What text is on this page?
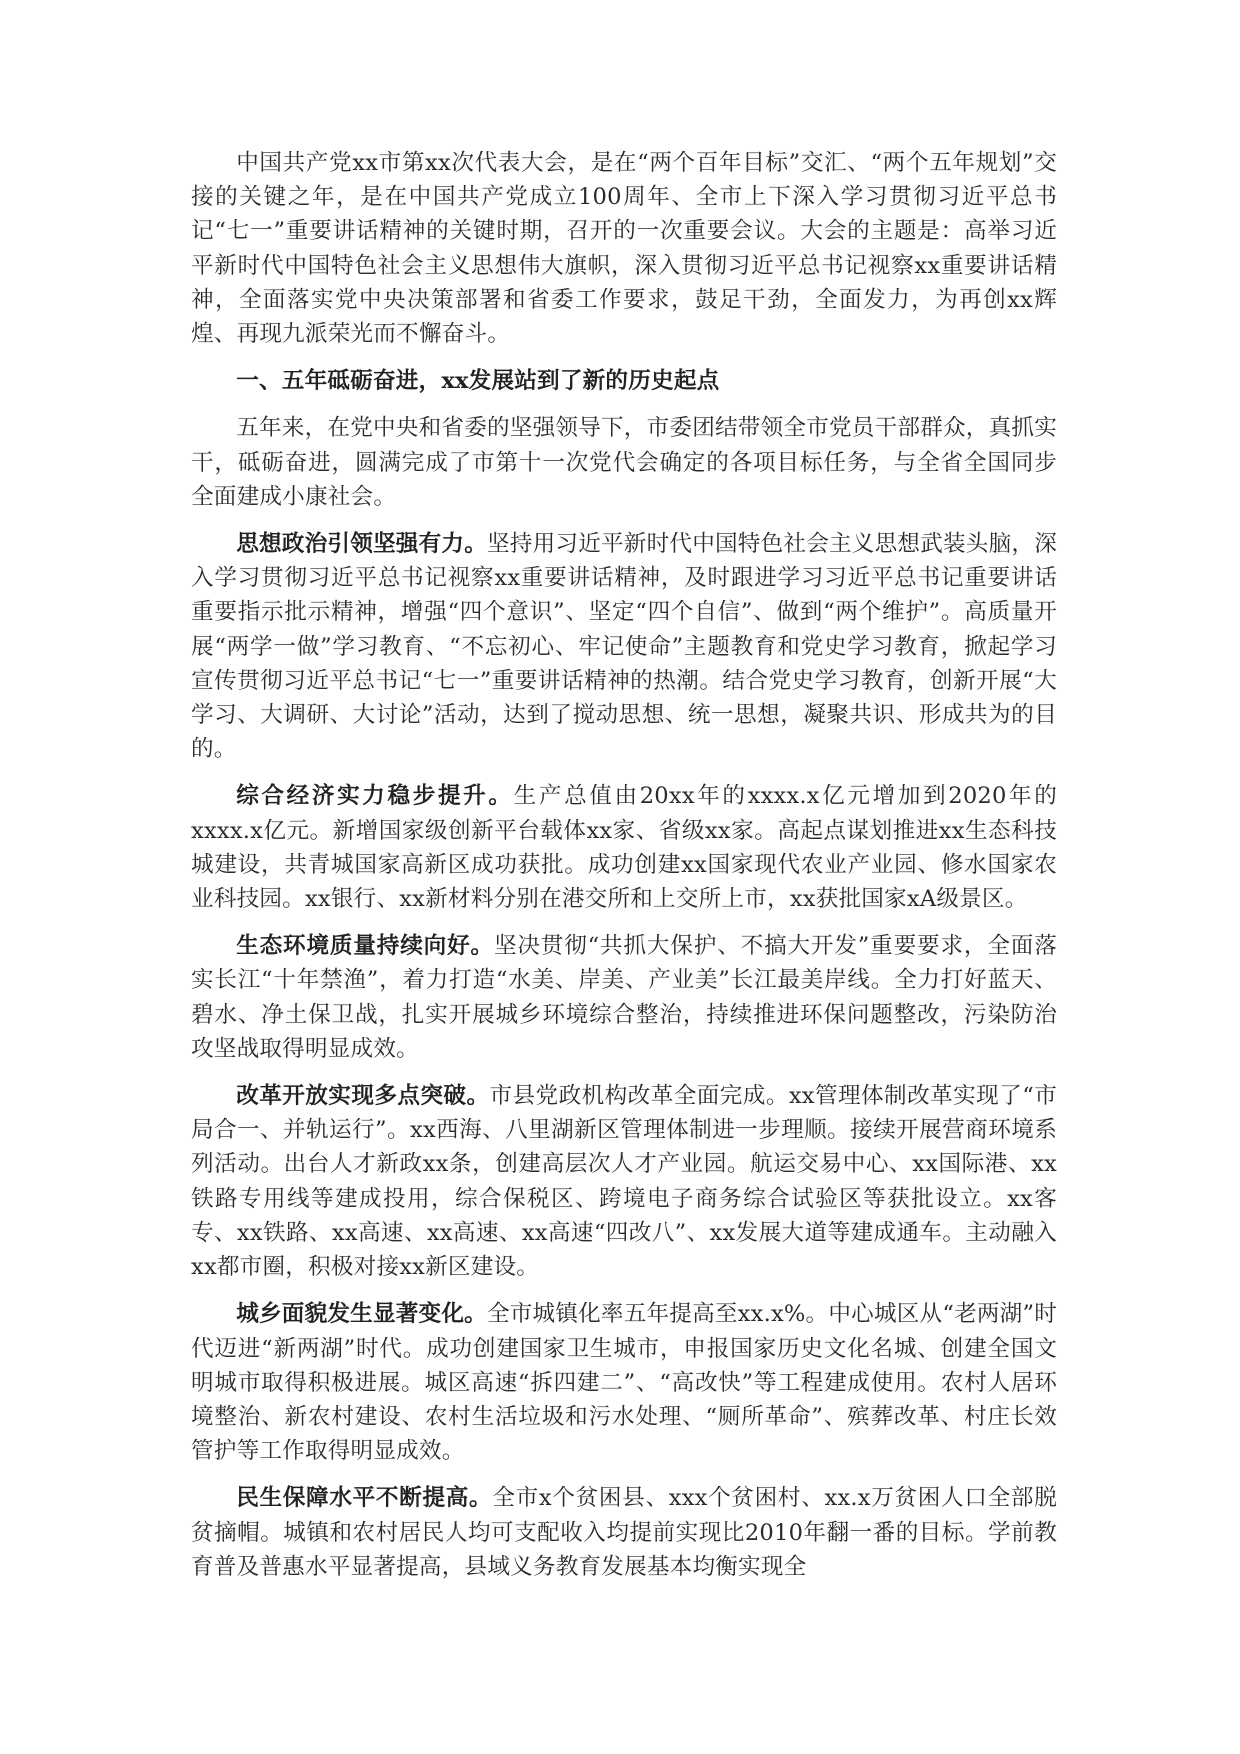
中国共产党xx市第xx次代表大会，是在“两个百年目标”交汇、“两个五年规划”交接的关键之年，是在中国共产党成立100周年、全市上下深入学习贯彻习近平总书记“七一”重要讲话精神的关键时期，召开的一次重要会议。大会的主题是：高举习近平新时代中国特色社会主义思想伟大旗帜，深入贯彻习近平总书记视察xx重要讲话精神，全面落实党中央决策部署和省委工作要求，鼓足干劲，全面发力，为再创xx辉煌、再现九派荣光而不懈奋斗。

一、五年砥砺奋进，xx发展站到了新的历史起点

五年来，在党中央和省委的坚强领导下，市委团结带领全市党员干部群众，真抓实干，砥砺奋进，圆满完成了市第十一次党代会确定的各项目标任务，与全省全国同步全面建成小康社会。

思想政治引领坚强有力。坚持用习近平新时代中国特色社会主义思想武装头脑，深入学习贯彻习近平总书记视察xx重要讲话精神，及时跟进学习习近平总书记重要讲话重要指示批示精神，增强“四个意识”、坚定“四个自信”、做到“两个维护”。高质量开展“两学一做”学习教育、“不忘初心、牢记使命”主题教育和党史学习教育，掀起学习宣传贯彻习近平总书记“七一”重要讲话精神的热潮。结合党史学习教育，创新开展“大学习、大调研、大讨论”活动，达到了搅动思想、统一思想，凝聚共识、形成共为的目的。

综合经济实力稳步提升。生产总值由20xx年的xxxx.x亿元增加到2020年的xxxx.x亿元。新增国家级创新平台载体xx家、省级xx家。高起点谋划推进xx生态科技城建设，共青城国家高新区成功获批。成功创建xx国家现代农业产业园、修水国家农业科技园。xx银行、xx新材料分别在港交所和上交所上市，xx获批国家xA级景区。

生态环境质量持续向好。坚决贯彻“共抓大保护、不搞大开发”重要要求，全面落实长江“十年禁渔”，着力打造“水美、岸美、产业美”长江最美岸线。全力打好蓝天、碧水、净土保卫战，扎实开展城乡环境综合整治，持续推进环保问题整改，污染防治攻坚战取得明显成效。

改革开放实现多点突破。市县党政机构改革全面完成。xx管理体制改革实现了“市局合一、并轨运行”。xx西海、八里湖新区管理体制进一步理顺。接续开展营商环境系列活动。出台人才新政xx条，创建高层次人才产业园。航运交易中心、xx国际港、xx铁路专用线等建成投用，综合保税区、跨境电子商务综合试验区等获批设立。xx客专、xx铁路、xx高速、xx高速、xx高速“四改八”、xx发展大道等建成通车。主动融入xx都市圈，积极对接xx新区建设。

城乡面貌发生显著变化。全市城镇化率五年提高至xx.x%。中心城区从“老两湖”时代迈进“新两湖”时代。成功创建国家卫生城市，申报国家历史文化名城、创建全国文明城市取得积极进展。城区高速“拆四建二”、“高改快”等工程建成使用。农村人居环境整治、新农村建设、农村生活垃圾和污水处理、“厕所革命”、殡葬改革、村庄长效管护等工作取得明显成效。

民生保障水平不断提高。全市x个贫困县、xxx个贫困村、xx.x万贫困人口全部脱贫摘帽。城镇和农村居民人均可支配收入均提前实现比2010年翻一番的目标。学前教育普及普惠水平显著提高，县域义务教育发展基本均衡实现全
